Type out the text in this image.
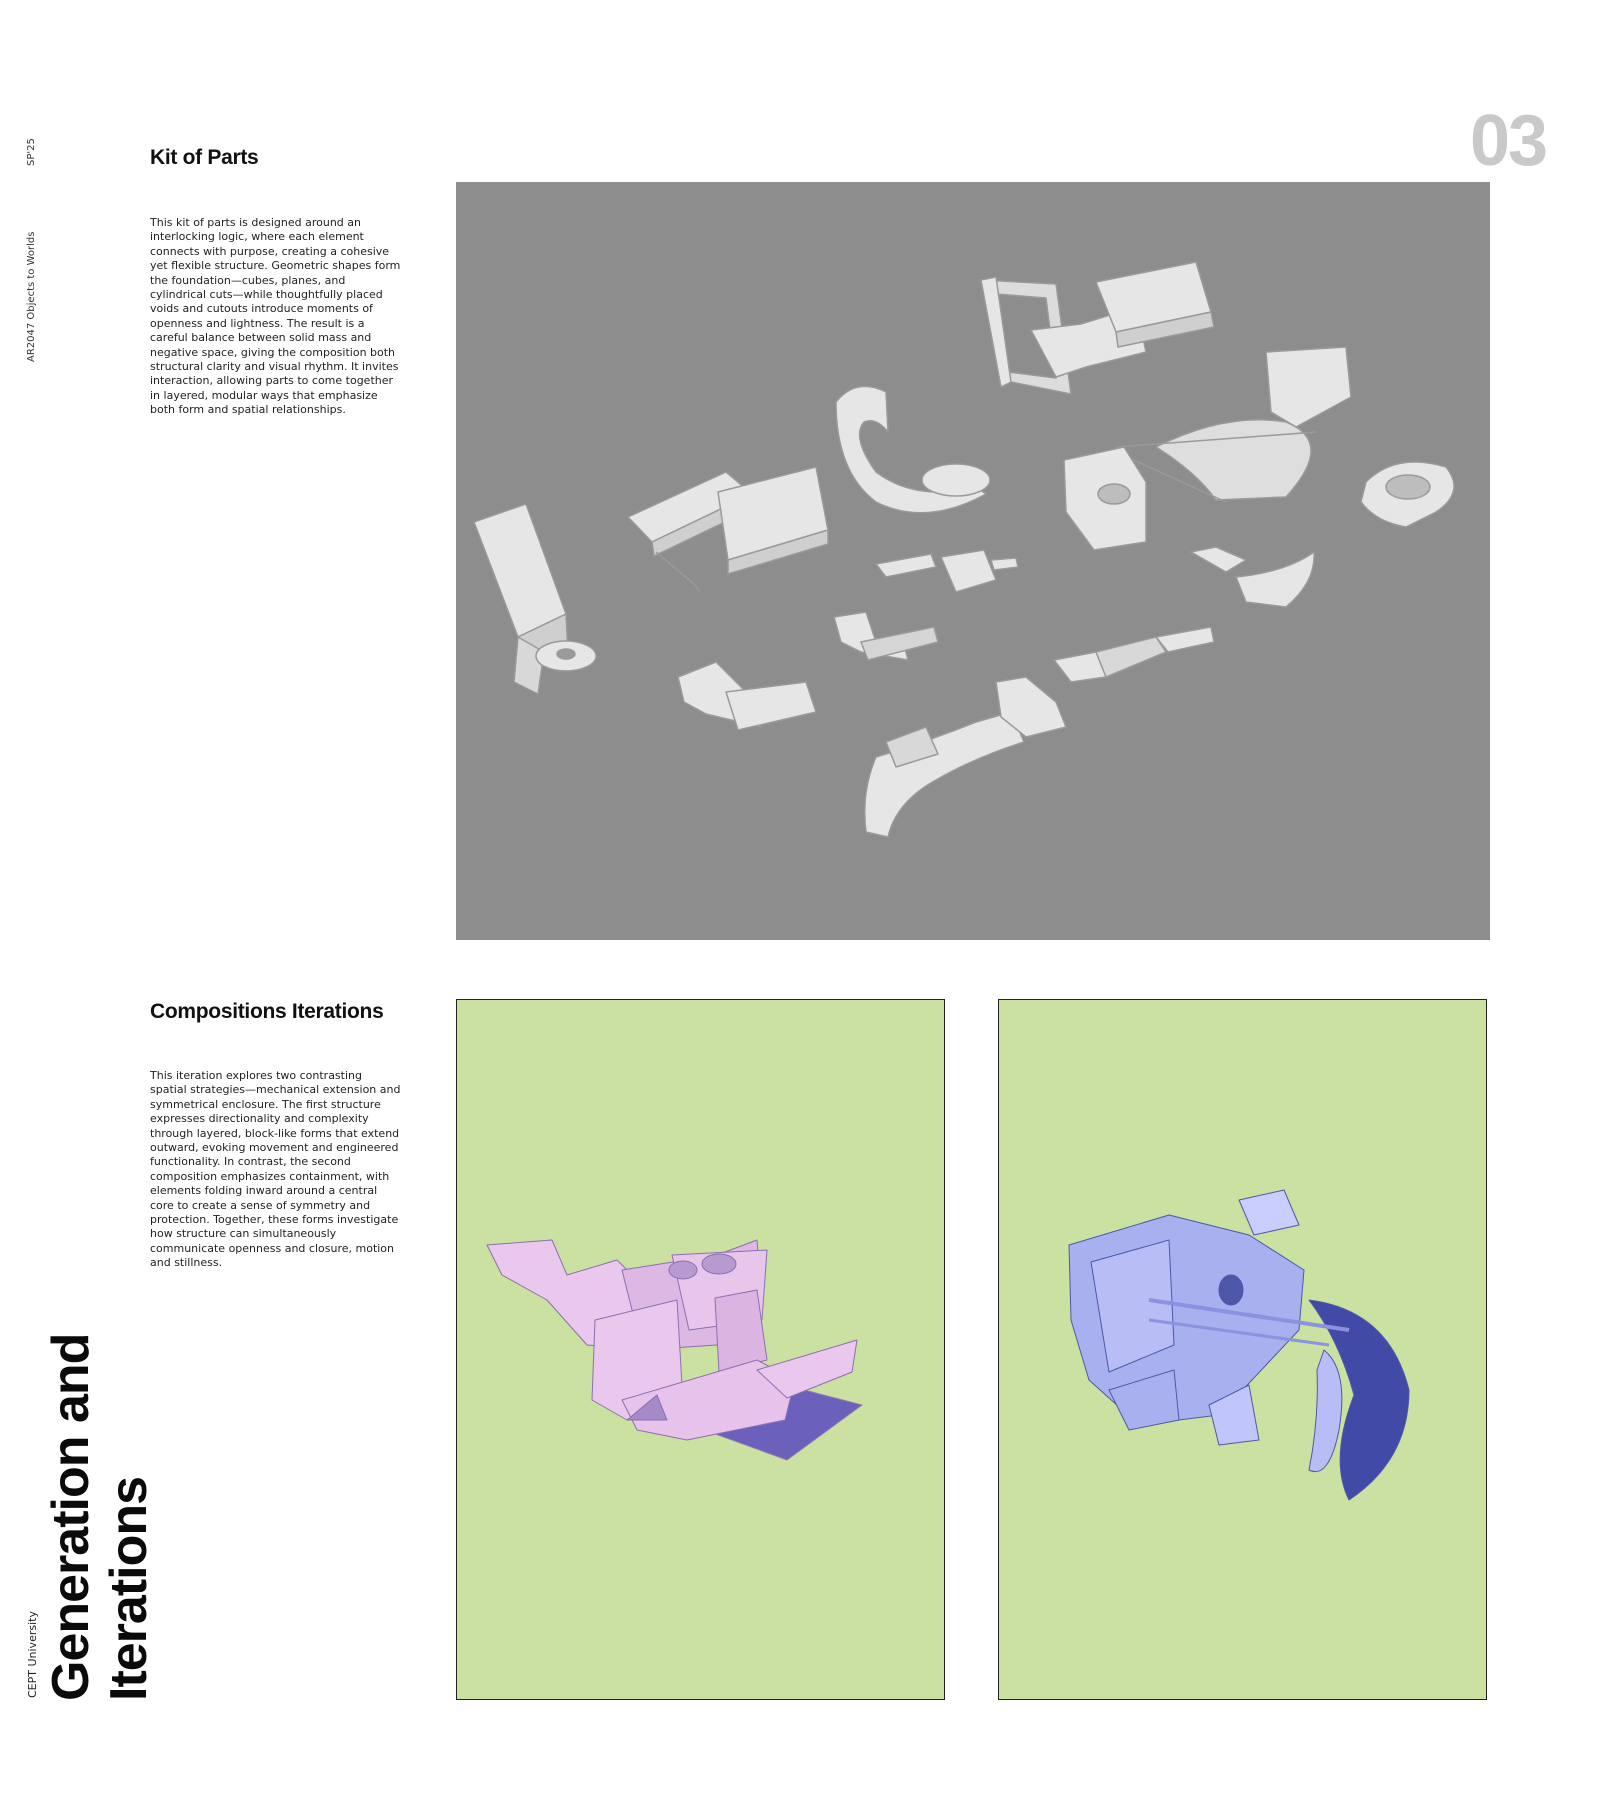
SP'25
AR2047 Objects to Worlds
CEPT University Generation and Iterations
03
Kit of Parts
This kit of parts is designed around an interlocking logic, where each element connects with purpose, creating a cohesive yet flexible structure. Geometric shapes form the foundation—cubes, planes, and cylindrical cuts—while thoughtfully placed voids and cutouts introduce moments of openness and lightness. The result is a careful balance between solid mass and negative space, giving the composition both structural clarity and visual rhythm. It invites interaction, allowing parts to come together in layered, modular ways that emphasize both form and spatial relationships.
Compositions Iterations
This iteration explores two contrasting spatial strategies—mechanical extension and symmetrical enclosure. The first structure expresses directionality and complexity through layered, block-like forms that extend outward, evoking movement and engineered functionality. In contrast, the second composition emphasizes containment, with elements folding inward around a central core to create a sense of symmetry and protection. Together, these forms investigate how structure can simultaneously communicate openness and closure, motion and stillness.
